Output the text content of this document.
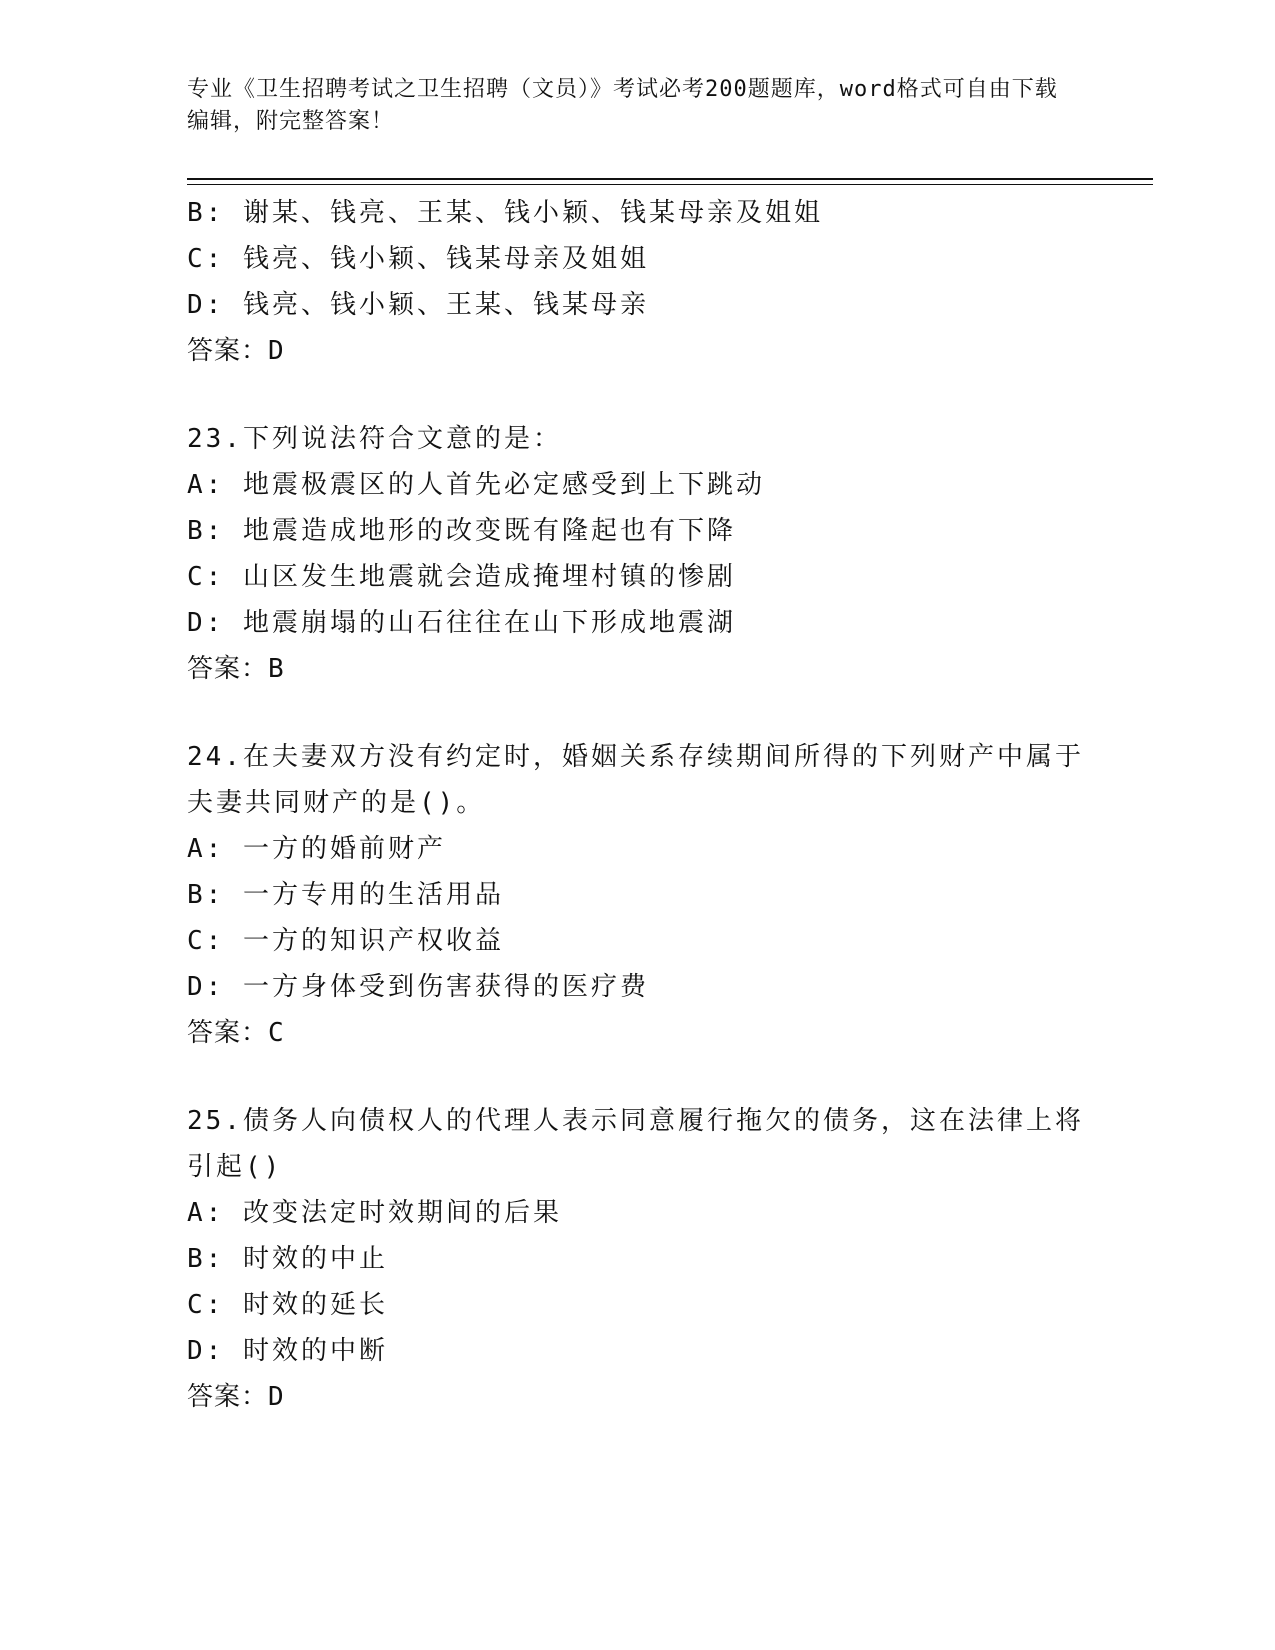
专业《卫生招聘考试之卫生招聘（文员）》考试必考200题题库，word格式可自由下载编辑，附完整答案！
B: 谢某、钱亮、王某、钱小颖、钱某母亲及姐姐
C: 钱亮、钱小颖、钱某母亲及姐姐
D: 钱亮、钱小颖、王某、钱某母亲
答案：D
23.下列说法符合文意的是：
A: 地震极震区的人首先必定感受到上下跳动
B: 地震造成地形的改变既有隆起也有下降
C: 山区发生地震就会造成掩埋村镇的惨剧
D: 地震崩塌的山石往往在山下形成地震湖
答案：B
24.在夫妻双方没有约定时，婚姻关系存续期间所得的下列财产中属于夫妻共同财产的是()。
A: 一方的婚前财产
B: 一方专用的生活用品
C: 一方的知识产权收益
D: 一方身体受到伤害获得的医疗费
答案：C
25.债务人向债权人的代理人表示同意履行拖欠的债务，这在法律上将引起()
A: 改变法定时效期间的后果
B: 时效的中止
C: 时效的延长
D: 时效的中断
答案：D
